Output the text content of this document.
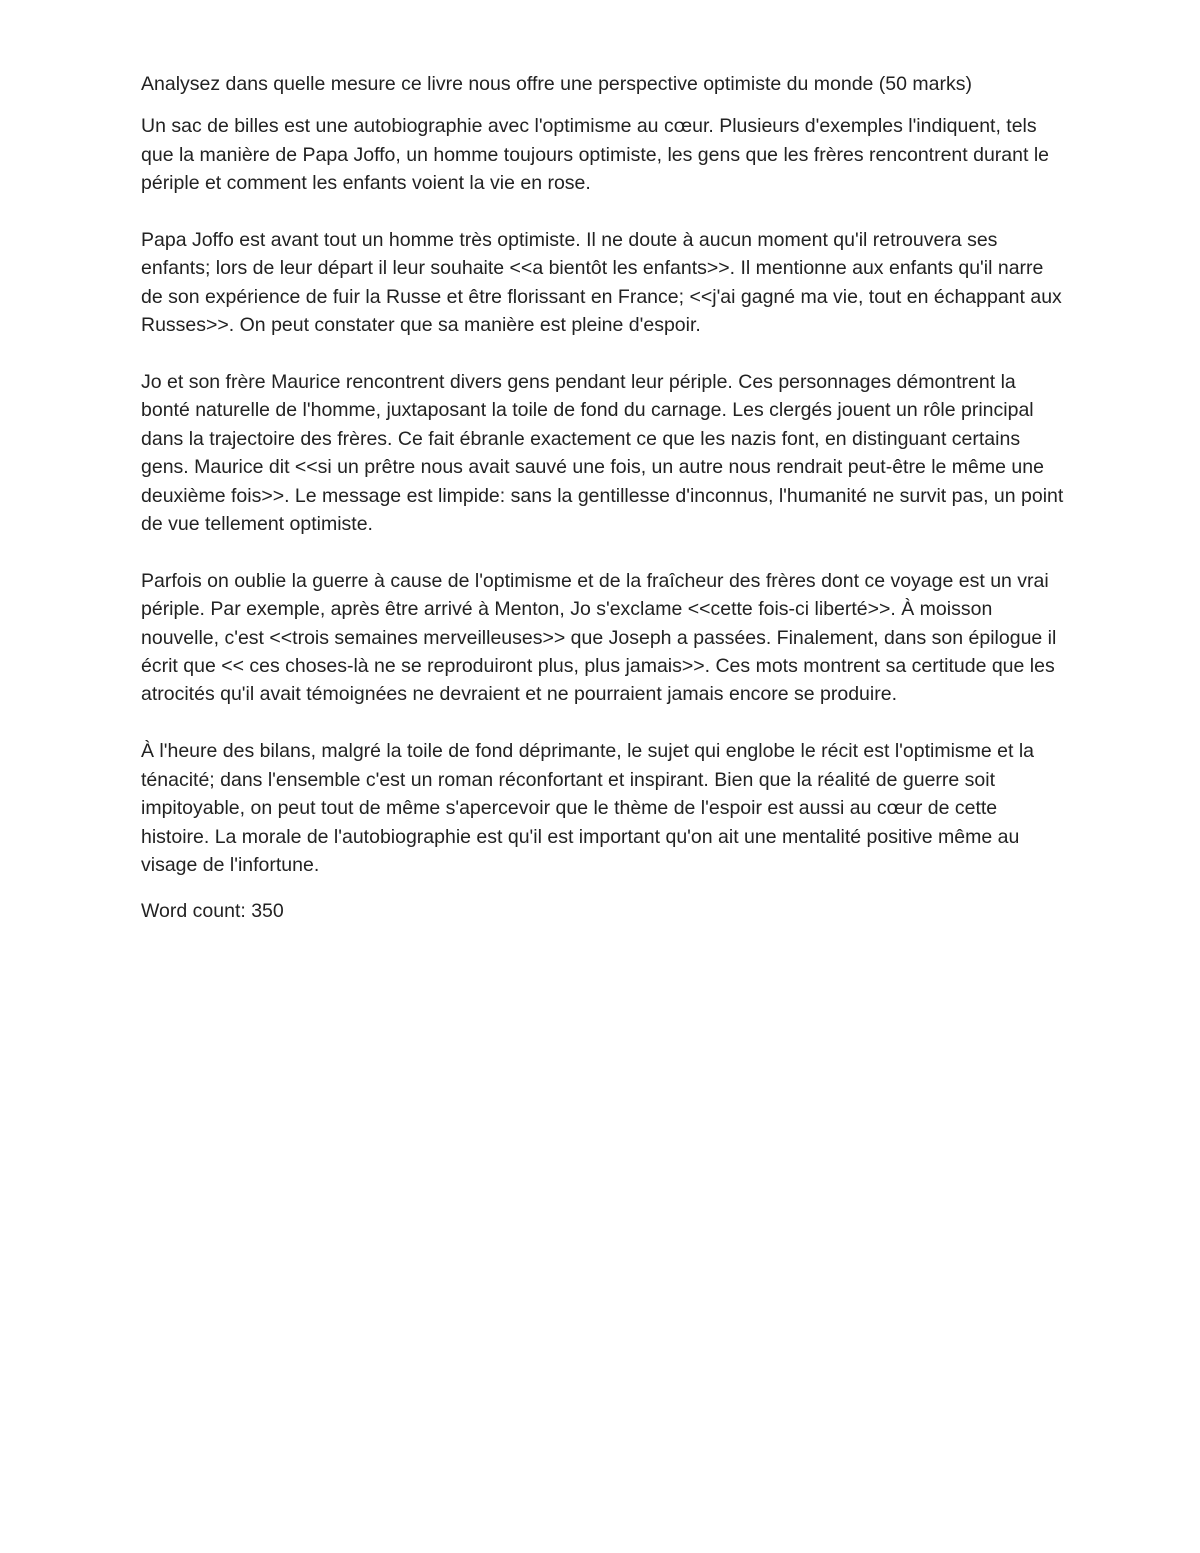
Analysez dans quelle mesure ce livre nous offre une perspective optimiste du monde (50 marks)

Un sac de billes est une autobiographie avec l'optimisme au cœur. Plusieurs d'exemples l'indiquent, tels que la manière de Papa Joffo, un homme toujours optimiste, les gens que les frères rencontrent durant le périple et comment les enfants voient la vie en rose.

Papa Joffo est avant tout un homme très optimiste. Il ne doute à aucun moment qu'il retrouvera ses enfants; lors de leur départ il leur souhaite <<a bientôt les enfants>>. Il mentionne aux enfants qu'il narre de son expérience de fuir la Russe et être florissant en France; <<j'ai gagné ma vie, tout en échappant aux Russes>>. On peut constater que sa manière est pleine d'espoir.

Jo et son frère Maurice rencontrent divers gens pendant leur périple. Ces personnages démontrent la bonté naturelle de l'homme, juxtaposant la toile de fond du carnage. Les clergés jouent un rôle principal dans la trajectoire des frères. Ce fait ébranle exactement ce que les nazis font, en distinguant certains gens. Maurice dit <<si un prêtre nous avait sauvé une fois, un autre nous rendrait peut-être le même une deuxième fois>>. Le message est limpide: sans la gentillesse d'inconnus, l'humanité ne survit pas, un point de vue tellement optimiste.

Parfois on oublie la guerre à cause de l'optimisme et de la fraîcheur des frères dont ce voyage est un vrai périple. Par exemple, après être arrivé à Menton, Jo s'exclame <<cette fois-ci liberté>>. À moisson nouvelle, c'est <<trois semaines merveilleuses>> que Joseph a passées. Finalement, dans son épilogue il écrit que << ces choses-là ne se reproduiront plus, plus jamais>>. Ces mots montrent sa certitude que les atrocités qu'il avait témoignées ne devraient et ne pourraient jamais encore se produire.

À l'heure des bilans, malgré la toile de fond déprimante, le sujet qui englobe le récit est l'optimisme et la ténacité; dans l'ensemble c'est un roman réconfortant et inspirant. Bien que la réalité de guerre soit impitoyable, on peut tout de même s'apercevoir que le thème de l'espoir est aussi au cœur de cette histoire. La morale de l'autobiographie est qu'il est important qu'on ait une mentalité positive même au visage de l'infortune.

Word count: 350
